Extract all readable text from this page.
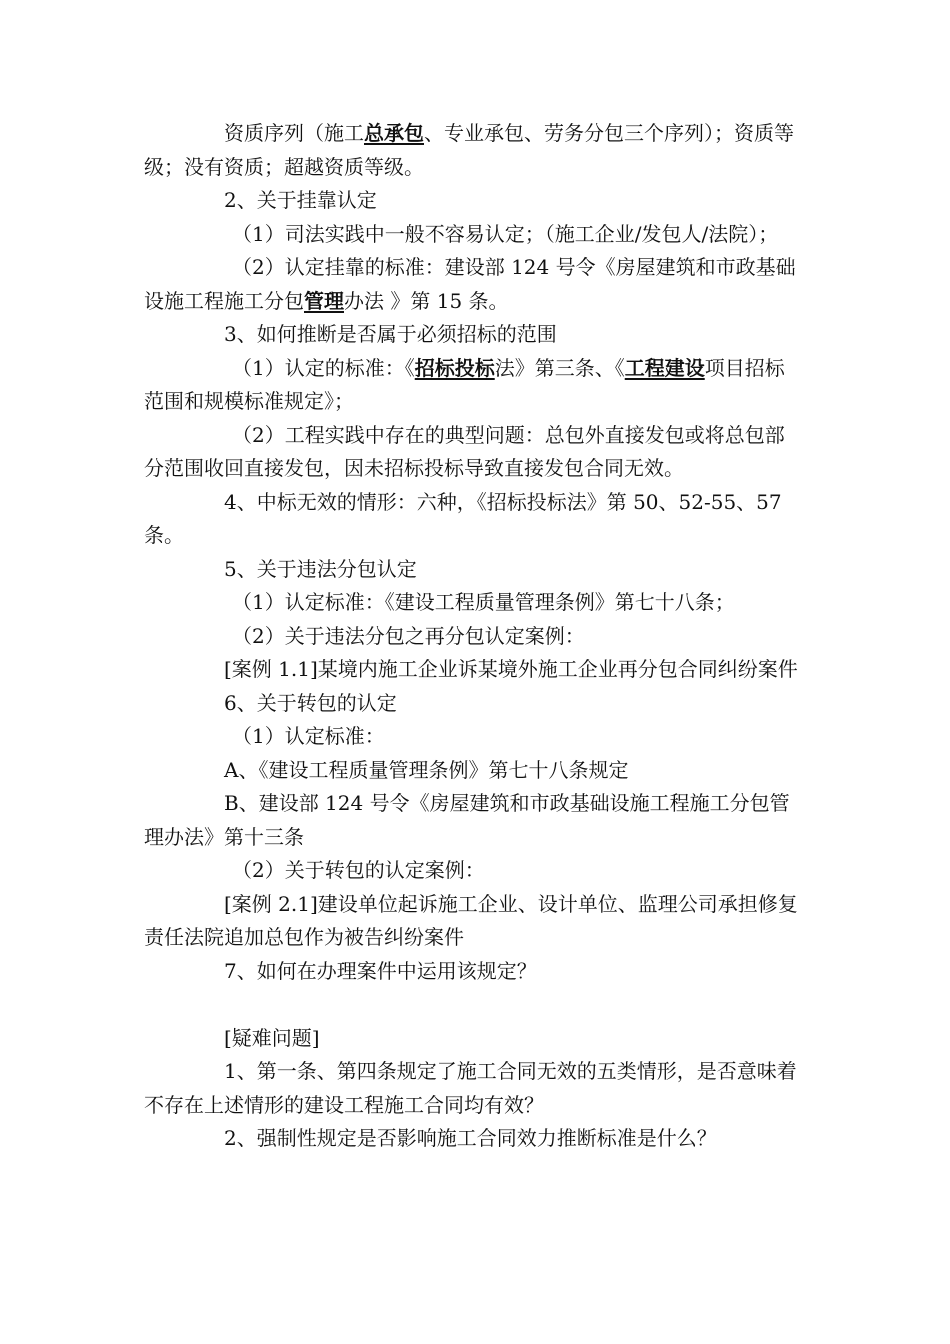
资质序列（施工总承包、专业承包、劳务分包三个序列）；资质等级；没有资质；超越资质等级。

2、关于挂靠认定

（1）司法实践中一般不容易认定；（施工企业/发包人/法院）；

（2）认定挂靠的标准：建设部 124 号令《房屋建筑和市政基础设施工程施工分包管理办法 》第 15 条。

3、如何推断是否属于必须招标的范围

（1）认定的标准：《招标投标法》第三条、《工程建设项目招标范围和规模标准规定》；

（2）工程实践中存在的典型问题：总包外直接发包或将总包部分范围收回直接发包，因未招标投标导致直接发包合同无效。

4、中标无效的情形：六种，《招标投标法》第 50、52-55、57 条。

5、关于违法分包认定

（1）认定标准：《建设工程质量管理条例》第七十八条；

（2）关于违法分包之再分包认定案例：

[案例 1.1]某境内施工企业诉某境外施工企业再分包合同纠纷案件

6、关于转包的认定

（1）认定标准：

A、《建设工程质量管理条例》第七十八条规定

B、建设部 124 号令《房屋建筑和市政基础设施工程施工分包管理办法》第十三条

（2）关于转包的认定案例：

[案例 2.1]建设单位起诉施工企业、设计单位、监理公司承担修复责任法院追加总包作为被告纠纷案件

7、如何在办理案件中运用该规定？

[疑难问题]

1、第一条、第四条规定了施工合同无效的五类情形，是否意味着不存在上述情形的建设工程施工合同均有效？

2、强制性规定是否影响施工合同效力推断标准是什么？
